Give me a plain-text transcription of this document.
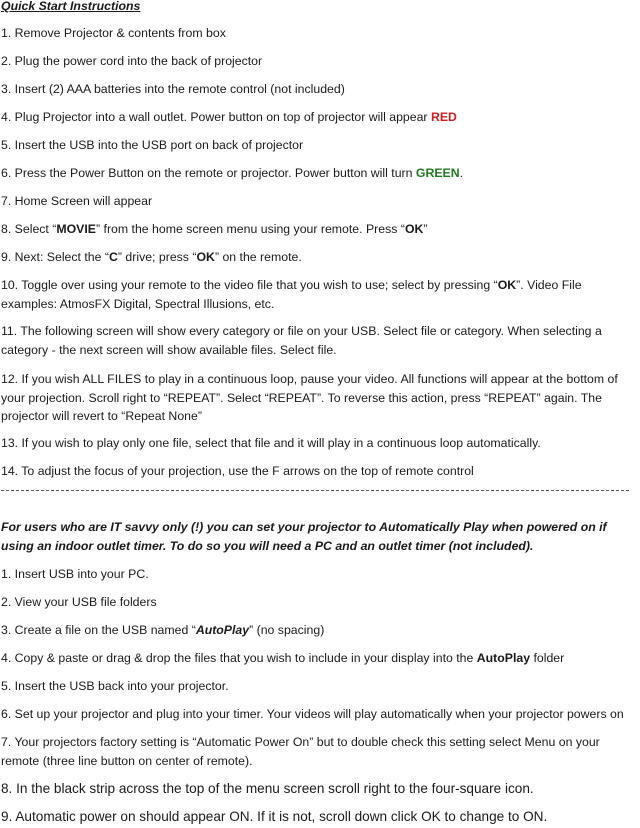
Quick Start Instructions
1. Remove Projector & contents from box
2. Plug the power cord into the back of projector
3. Insert (2) AAA batteries into the remote control (not included)
4. Plug Projector into a wall outlet. Power button on top of projector will appear RED
5. Insert the USB into the USB port on back of projector
6. Press the Power Button on the remote or projector. Power button will turn GREEN.
7. Home Screen will appear
8. Select “MOVIE” from the home screen menu using your remote. Press “OK”
9. Next: Select the “C” drive; press “OK” on the remote.
10. Toggle over using your remote to the video file that you wish to use; select by pressing “OK”. Video File examples: AtmosFX Digital, Spectral Illusions, etc.
11. The following screen will show every category or file on your USB. Select file or category. When selecting a category - the next screen will show available files. Select file.
12. If you wish ALL FILES to play in a continuous loop, pause your video. All functions will appear at the bottom of your projection. Scroll right to “REPEAT”. Select “REPEAT”. To reverse this action, press “REPEAT” again. The projector will revert to “Repeat None”
13. If you wish to play only one file, select that file and it will play in a continuous loop automatically.
14. To adjust the focus of your projection, use the F arrows on the top of remote control
For users who are IT savvy only (!) you can set your projector to Automatically Play when powered on if using an indoor outlet timer. To do so you will need a PC and an outlet timer (not included).
1. Insert USB into your PC.
2. View your USB file folders
3. Create a file on the USB named “AutoPlay” (no spacing)
4. Copy & paste or drag & drop the files that you wish to include in your display into the AutoPlay folder
5. Insert the USB back into your projector.
6. Set up your projector and plug into your timer. Your videos will play automatically when your projector powers on
7. Your projectors factory setting is “Automatic Power On” but to double check this setting select Menu on your remote (three line button on center of remote).
8. In the black strip across the top of the menu screen scroll right to the four-square icon.
9. Automatic power on should appear ON. If it is not, scroll down click OK to change to ON.
